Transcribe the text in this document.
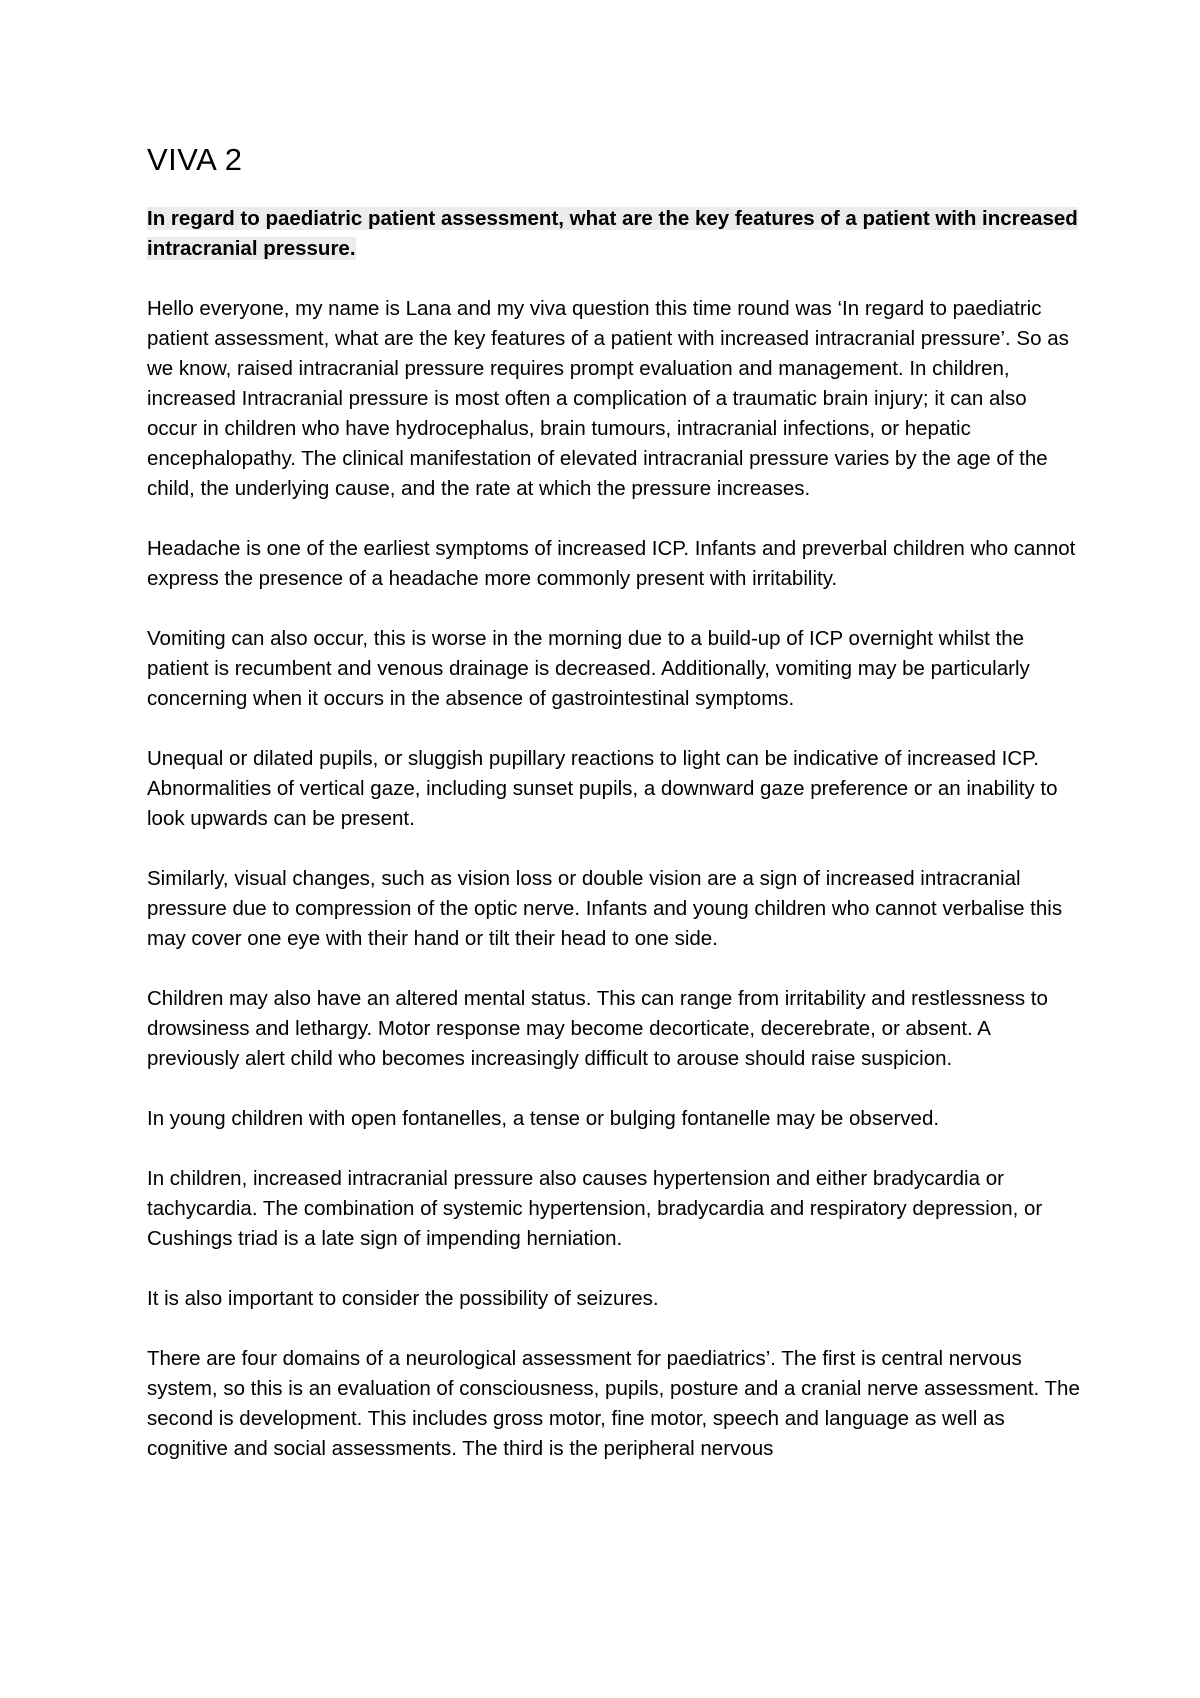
VIVA 2

In regard to paediatric patient assessment, what are the key features of a patient with increased intracranial pressure.

Hello everyone, my name is Lana and my viva question this time round was ‘In regard to paediatric patient assessment, what are the key features of a patient with increased intracranial pressure’. So as we know, raised intracranial pressure requires prompt evaluation and management. In children, increased Intracranial pressure is most often a complication of a traumatic brain injury; it can also occur in children who have hydrocephalus, brain tumours, intracranial infections, or hepatic encephalopathy. The clinical manifestation of elevated intracranial pressure varies by the age of the child, the underlying cause, and the rate at which the pressure increases.

Headache is one of the earliest symptoms of increased ICP. Infants and preverbal children who cannot express the presence of a headache more commonly present with irritability.

Vomiting can also occur, this is worse in the morning due to a build-up of ICP overnight whilst the patient is recumbent and venous drainage is decreased. Additionally, vomiting may be particularly concerning when it occurs in the absence of gastrointestinal symptoms.

Unequal or dilated pupils, or sluggish pupillary reactions to light can be indicative of increased ICP. Abnormalities of vertical gaze, including sunset pupils, a downward gaze preference or an inability to look upwards can be present.

Similarly, visual changes, such as vision loss or double vision are a sign of increased intracranial pressure due to compression of the optic nerve. Infants and young children who cannot verbalise this may cover one eye with their hand or tilt their head to one side.

Children may also have an altered mental status. This can range from irritability and restlessness to drowsiness and lethargy. Motor response may become decorticate, decerebrate, or absent. A previously alert child who becomes increasingly difficult to arouse should raise suspicion.

In young children with open fontanelles, a tense or bulging fontanelle may be observed.

In children, increased intracranial pressure also causes hypertension and either bradycardia or tachycardia. The combination of systemic hypertension, bradycardia and respiratory depression, or Cushings triad is a late sign of impending herniation.

It is also important to consider the possibility of seizures.

There are four domains of a neurological assessment for paediatrics’. The first is central nervous system, so this is an evaluation of consciousness, pupils, posture and a cranial nerve assessment. The second is development. This includes gross motor, fine motor, speech and language as well as cognitive and social assessments. The third is the peripheral nervous
